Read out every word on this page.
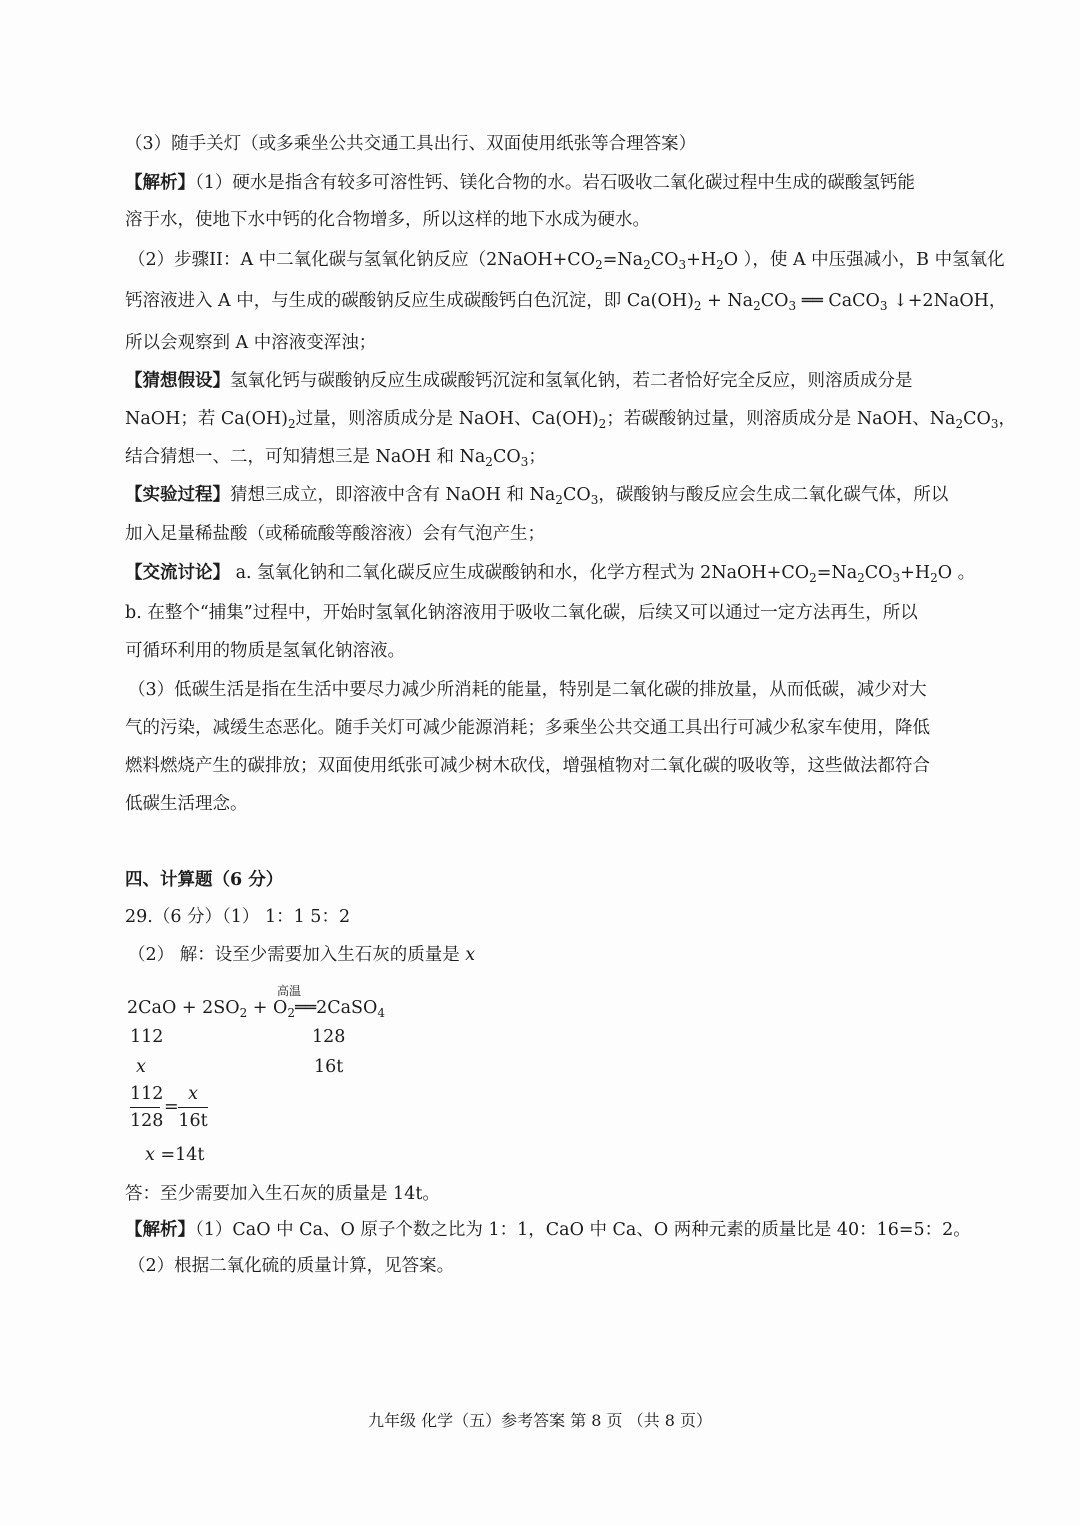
（3）随手关灯（或多乘坐公共交通工具出行、双面使用纸张等合理答案）
【解析】（1）硬水是指含有较多可溶性钙、镁化合物的水。岩石吸收二氧化碳过程中生成的碳酸氢钙能
溶于水，使地下水中钙的化合物增多，所以这样的地下水成为硬水。
（2）步骤II：A 中二氧化碳与氢氧化钠反应（$2NaOH+CO_2=Na_2CO_3+H_2O$ ），使 A 中压强减小，B 中氢氧化
钙溶液进入 A 中，与生成的碳酸钠反应生成碳酸钙白色沉淀，即 $Ca(OH)_2 + Na_2CO_3$ ══ CaCO$_3$ ↓+2NaOH，
所以会观察到 A 中溶液变浑浊；
【猜想假设】氢氧化钙与碳酸钠反应生成碳酸钙沉淀和氢氧化钠，若二者恰好完全反应，则溶质成分是
NaOH；若 $Ca(OH)_2$过量，则溶质成分是 NaOH、$Ca(OH)_2$；若碳酸钠过量，则溶质成分是 NaOH、$Na_2CO_3$，
结合猜想一、二，可知猜想三是 NaOH 和 $Na_2CO_3$；
【实验过程】猜想三成立，即溶液中含有 NaOH 和 $Na_2CO_3$，碳酸钠与酸反应会生成二氧化碳气体，所以
加入足量稀盐酸（或稀硫酸等酸溶液）会有气泡产生；
【交流讨论】 a. 氢氧化钠和二氧化碳反应生成碳酸钠和水，化学方程式为 $2NaOH+CO_2=Na_2CO_3+H_2O$ 。
b. 在整个“捕集”过程中，开始时氢氧化钠溶液用于吸收二氧化碳，后续又可以通过一定方法再生，所以
可循环利用的物质是氢氧化钠溶液。
（3）低碳生活是指在生活中要尽力减少所消耗的能量，特别是二氧化碳的排放量，从而低碳，减少对大
气的污染，减缓生态恶化。随手关灯可减少能源消耗；多乘坐公共交通工具出行可减少私家车使用，降低
燃料燃烧产生的碳排放；双面使用纸张可减少树木砍伐，增强植物对二氧化碳的吸收等，这些做法都符合
低碳生活理念。
四、计算题（6 分）
29.（6 分）（1） 1：1 5：2
（2） 解：设至少需要加入生石灰的质量是 x
高温
$2CaO + 2SO_2$ + $O_2══2CaSO_4$
112	128
x	16t
112
128
=
x
16t
x =14t
答：至少需要加入生石灰的质量是 14t。
【解析】（1）CaO 中 Ca、O 原子个数之比为 1：1，CaO 中 Ca、O 两种元素的质量比是 40：16=5：2。
（2）根据二氧化硫的质量计算，见答案。
九年级 化学（五）参考答案 第 8 页 （共 8 页）
